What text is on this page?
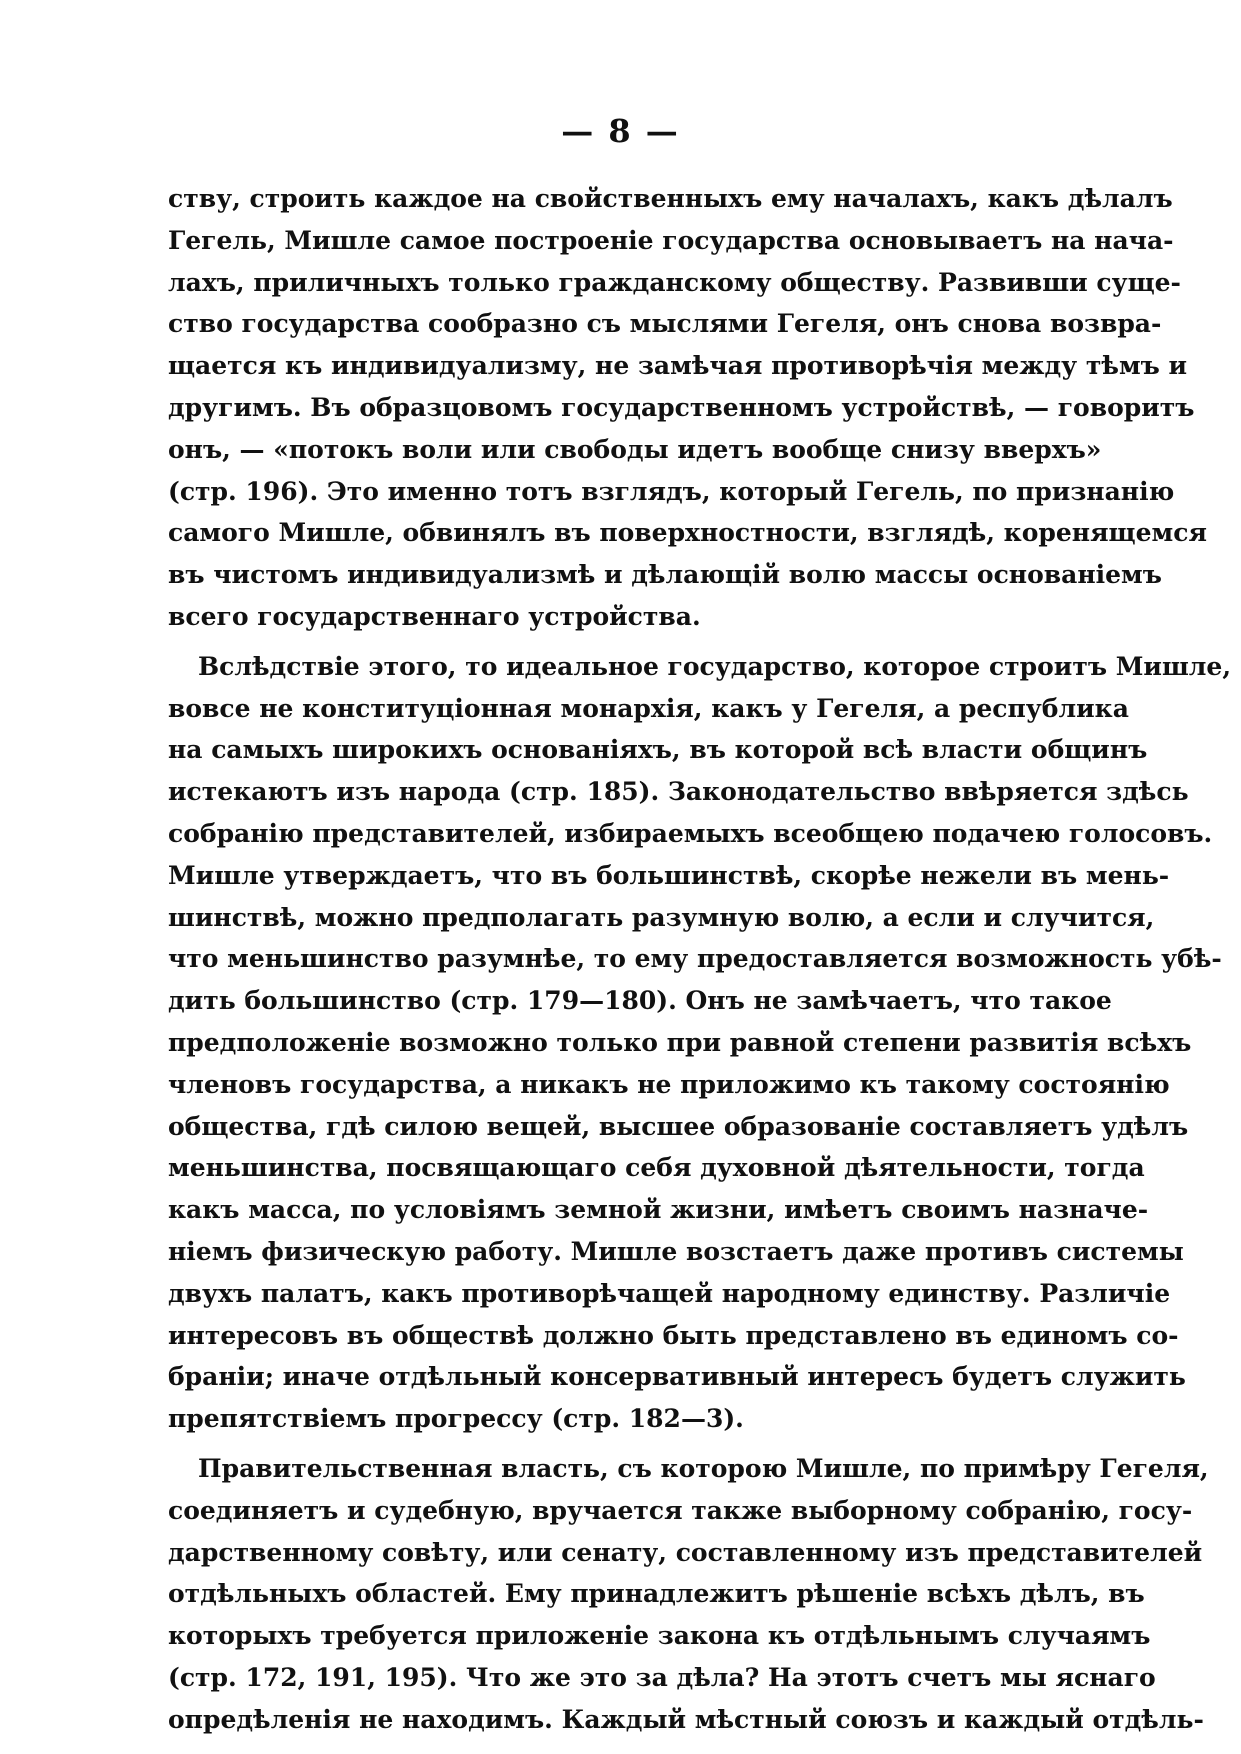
— 8 —
ству, строить каждое на свойственныхъ ему началахъ, какъ дѣлалъ
Гегель, Мишле самое построеніе государства основываетъ на нача-
лахъ, приличныхъ только гражданскому обществу. Развивши суще-
ство государства сообразно съ мыслями Гегеля, онъ снова возвра-
щается къ индивидуализму, не замѣчая противорѣчія между тѣмъ и
другимъ. Въ образцовомъ государственномъ устройствѣ, — говоритъ
онъ, — «потокъ воли или свободы идетъ вообще снизу вверхъ»
(стр. 196). Это именно тотъ взглядъ, который Гегель, по признанію
самого Мишле, обвинялъ въ поверхностности, взглядѣ, коренящемся
въ чистомъ индивидуализмѣ и дѣлающій волю массы основаніемъ
всего государственнаго устройства.
Вслѣдствіе этого, то идеальное государство, которое строитъ Мишле,
вовсе не конституціонная монархія, какъ у Гегеля, а республика
на самыхъ широкихъ основаніяхъ, въ которой всѣ власти общинъ
истекаютъ изъ народа (стр. 185). Законодательство ввѣряется здѣсь
собранію представителей, избираемыхъ всеобщею подачею голосовъ.
Мишле утверждаетъ, что въ большинствѣ, скорѣе нежели въ мень-
шинствѣ, можно предполагать разумную волю, а если и случится,
что меньшинство разумнѣе, то ему предоставляется возможность убѣ-
дить большинство (стр. 179—180). Онъ не замѣчаетъ, что такое
предположеніе возможно только при равной степени развитія всѣхъ
членовъ государства, а никакъ не приложимо къ такому состоянію
общества, гдѣ силою вещей, высшее образованіе составляетъ удѣлъ
меньшинства, посвящающаго себя духовной дѣятельности, тогда
какъ масса, по условіямъ земной жизни, имѣетъ своимъ назначе-
ніемъ физическую работу. Мишле возстаетъ даже противъ системы
двухъ палатъ, какъ противорѣчащей народному единству. Различіе
интересовъ въ обществѣ должно быть представлено въ единомъ со-
браніи; иначе отдѣльный консервативный интересъ будетъ служить
препятствіемъ прогрессу (стр. 182—3).
Правительственная власть, съ которою Мишле, по примѣру Гегеля,
соединяетъ и судебную, вручается также выборному собранію, госу-
дарственному совѣту, или сенату, составленному изъ представителей
отдѣльныхъ областей. Ему принадлежитъ рѣшеніе всѣхъ дѣлъ, въ
которыхъ требуется приложеніе закона къ отдѣльнымъ случаямъ
(стр. 172, 191, 195). Что же это за дѣла? На этотъ счетъ мы яснаго
опредѣленія не находимъ. Каждый мѣстный союзъ и каждый отдѣль-
